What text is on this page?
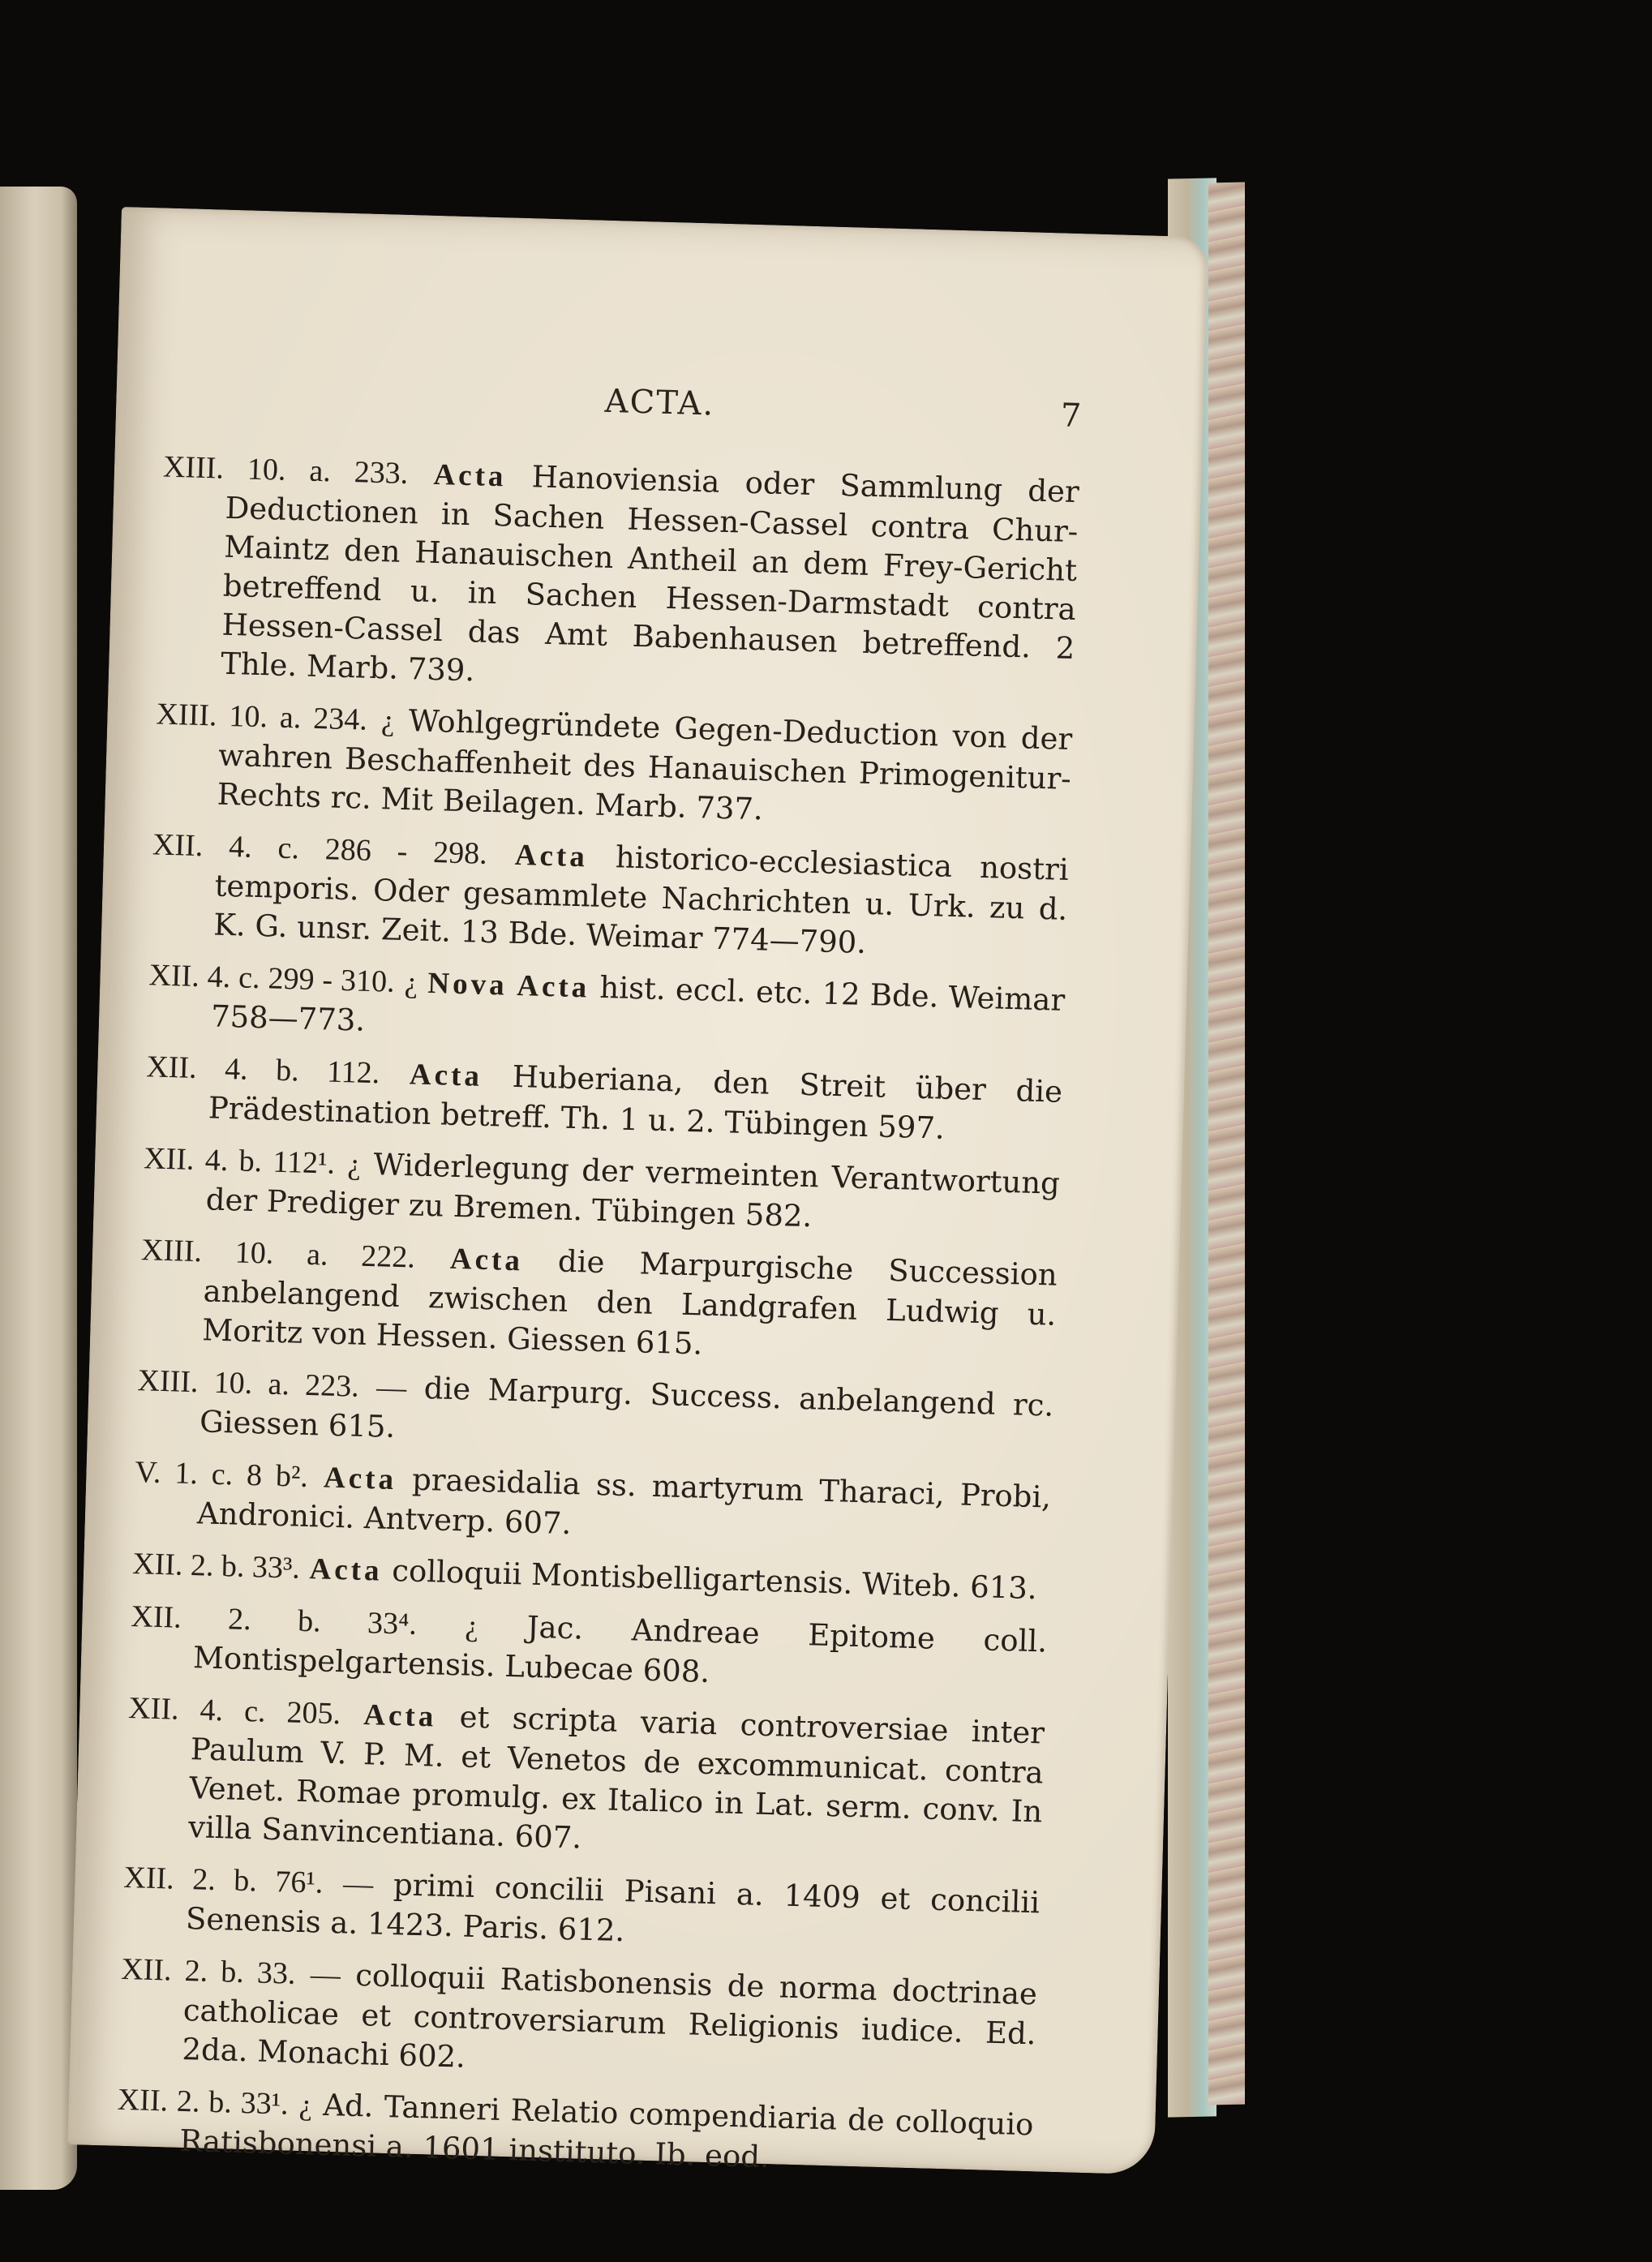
ACTA.	7

XIII. 10. a. 233. Acta Hanoviensia oder Sammlung der Deductionen in Sachen Hessen-Cassel contra Chur-Maintz den Hanauischen Antheil an dem Frey-Gericht betreffend u. in Sachen Hessen-Darmstadt contra Hessen-Cassel das Amt Babenhausen betreffend. 2 Thle. Marb. 739.

XIII. 10. a. 234. ¿ Wohlgegründete Gegen-Deduction von der wahren Beschaffenheit des Hanauischen Primogenitur-Rechts rc. Mit Beilagen. Marb. 737.

XII. 4. c. 286 - 298. Acta historico-ecclesiastica nostri temporis. Oder gesammlete Nachrichten u. Urk. zu d. K. G. unsr. Zeit. 13 Bde. Weimar 774—790.

XII. 4. c. 299 - 310. ¿ Nova Acta hist. eccl. etc. 12 Bde. Weimar 758—773.

XII. 4. b. 112. Acta Huberiana, den Streit über die Prädestination betreff. Th. 1 u. 2. Tübingen 597.

XII. 4. b. 112¹. ¿ Widerlegung der vermeinten Verantwortung der Prediger zu Bremen. Tübingen 582.

XIII. 10. a. 222. Acta die Marpurgische Succession anbelangend zwischen den Landgrafen Ludwig u. Moritz von Hessen. Giessen 615.

XIII. 10. a. 223. — die Marpurg. Success. anbelangend rc. Giessen 615.

V. 1. c. 8 b². Acta praesidalia ss. martyrum Tharaci, Probi, Andronici. Antverp. 607.

XII. 2. b. 33³. Acta colloquii Montisbelligartensis. Witeb. 613.

XII. 2. b. 33⁴. ¿ Jac. Andreae Epitome coll. Montispelgartensis. Lubecae 608.

XII. 4. c. 205. Acta et scripta varia controversiae inter Paulum V. P. M. et Venetos de excommunicat. contra Venet. Romae promulg. ex Italico in Lat. serm. conv. In villa Sanvincentiana. 607.

XII. 2. b. 76¹. — primi concilii Pisani a. 1409 et concilii Senensis a. 1423. Paris. 612.

XII. 2. b. 33. — colloquii Ratisbonensis de norma doctrinae catholicae et controversiarum Religionis iudice. Ed. 2da. Monachi 602.

XII. 2. b. 33¹. ¿ Ad. Tanneri Relatio compendiaria de colloquio Ratisbonensi a. 1601 instituto. Ib. eod.
